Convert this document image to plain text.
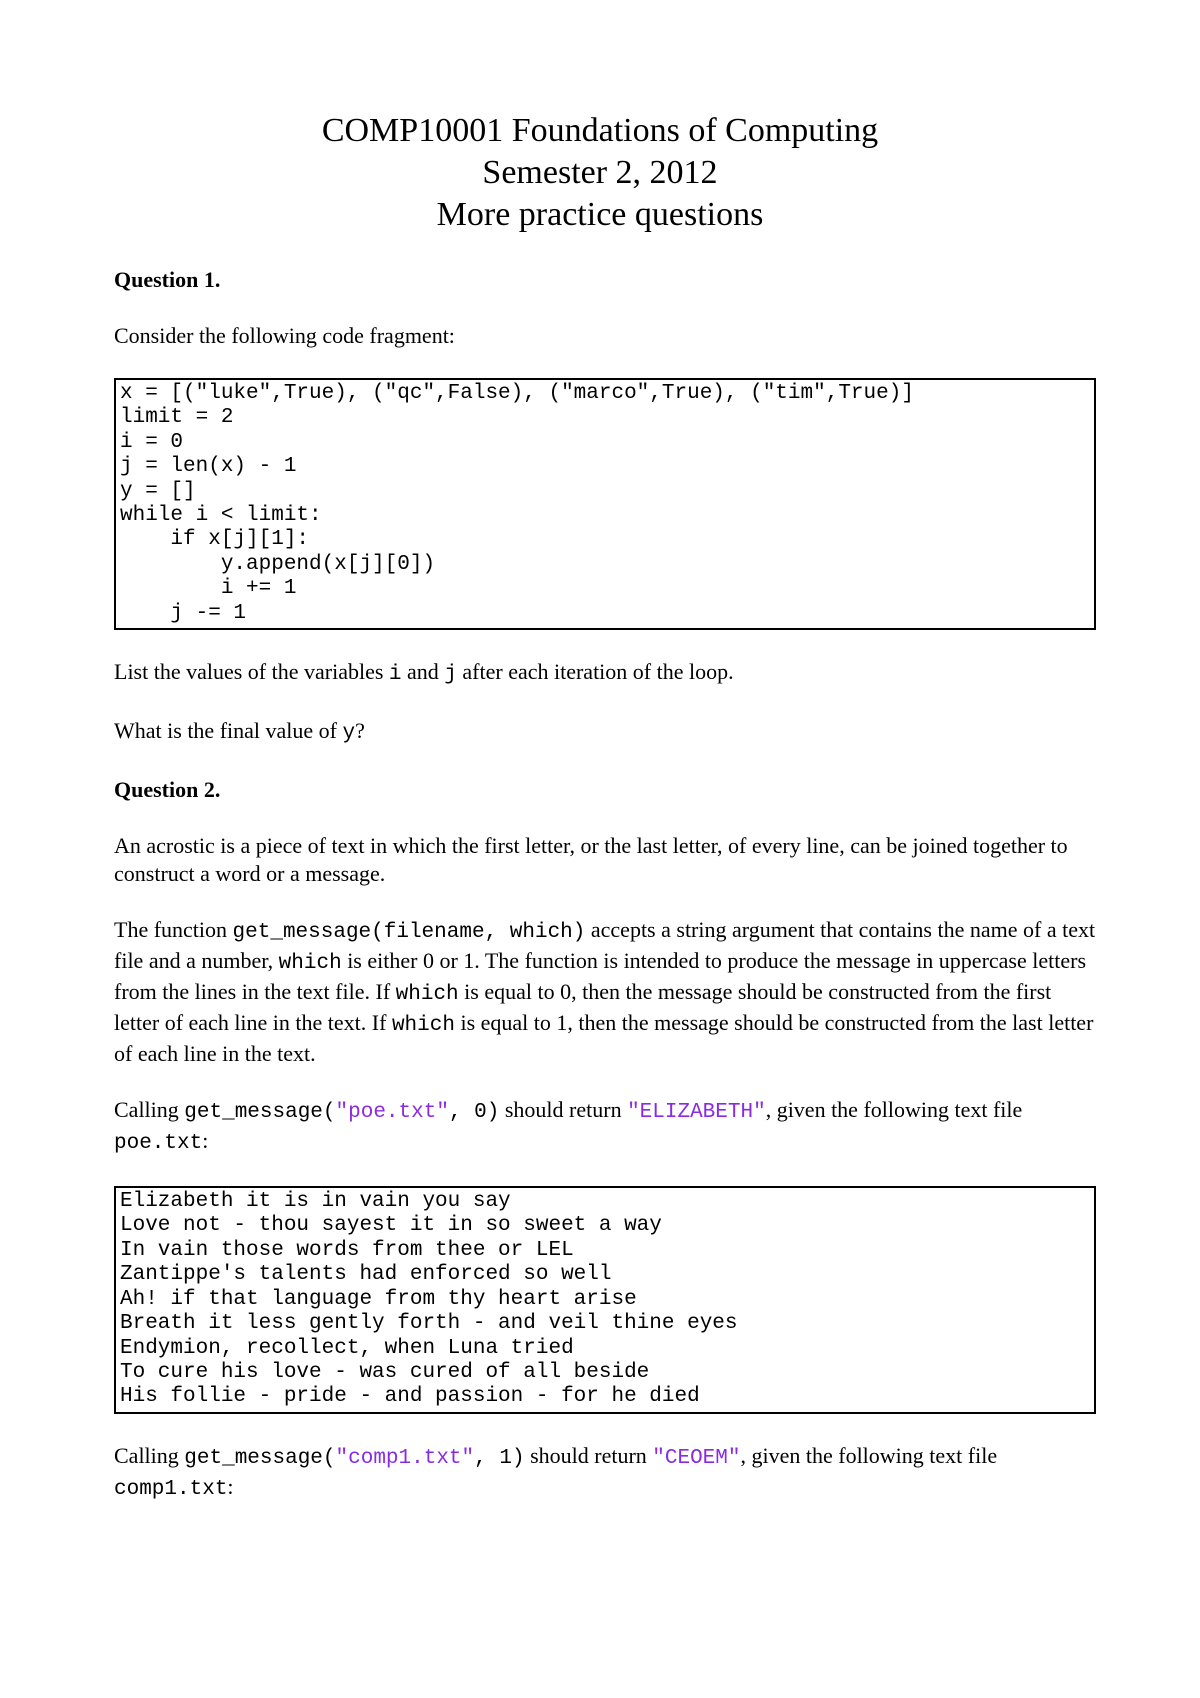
COMP10001 Foundations of Computing
Semester 2, 2012
More practice questions
Question 1.

Consider the following code fragment:

x = [("luke",True), ("qc",False), ("marco",True), ("tim",True)]
limit = 2
i = 0
j = len(x) - 1
y = []
while i < limit:
if x[j][1]:
y.append(x[j][0])
i += 1
j -= 1

List the values of the variables i and j after each iteration of the loop.

What is the final value of y?

Question 2.

An acrostic is a piece of text in which the first letter, or the last letter, of every line, can be joined together to construct a word or a message.

The function get_message(filename, which) accepts a string argument that contains the name of a text file and a number, which is either 0 or 1. The function is intended to produce the message in uppercase letters from the lines in the text file. If which is equal to 0, then the message should be constructed from the first letter of each line in the text. If which is equal to 1, then the message should be constructed from the last letter of each line in the text.

Calling get_message("poe.txt", 0) should return "ELIZABETH", given the following text file poe.txt:

Elizabeth it is in vain you say
Love not - thou sayest it in so sweet a way
In vain those words from thee or LEL
Zantippe's talents had enforced so well
Ah! if that language from thy heart arise
Breath it less gently forth - and veil thine eyes
Endymion, recollect, when Luna tried
To cure his love - was cured of all beside
His follie - pride - and passion - for he died

Calling get_message("comp1.txt", 1) should return "CEOEM", given the following text file comp1.txt:
